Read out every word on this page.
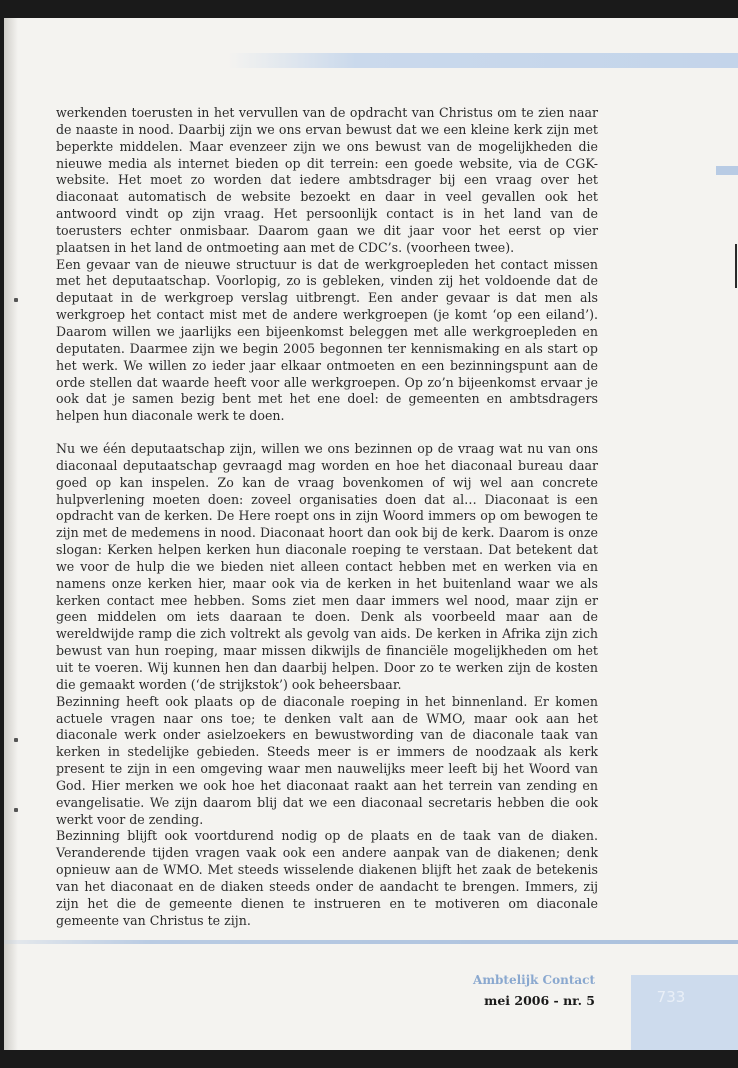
werkenden toerusten in het vervullen van de opdracht van Christus om te zien naar de naaste in nood. Daarbij zijn we ons ervan bewust dat we een kleine kerk zijn met beperkte middelen. Maar evenzeer zijn we ons bewust van de mogelijkheden die nieuwe media als internet bieden op dit terrein: een goede website, via de CGK-website. Het moet zo worden dat iedere ambtsdrager bij een vraag over het diaconaat automatisch de website bezoekt en daar in veel gevallen ook het antwoord vindt op zijn vraag. Het persoonlijk contact is in het land van de toerusters echter onmisbaar. Daarom gaan we dit jaar voor het eerst op vier plaatsen in het land de ontmoeting aan met de CDC’s. (voorheen twee).

Een gevaar van de nieuwe structuur is dat de werkgroepleden het contact missen met het deputaatschap. Voorlopig, zo is gebleken, vinden zij het voldoende dat de deputaat in de werkgroep verslag uitbrengt. Een ander gevaar is dat men als werkgroep het contact mist met de andere werkgroepen (je komt ‘op een eiland’). Daarom willen we jaarlijks een bijeenkomst beleggen met alle werkgroepleden en deputaten. Daarmee zijn we begin 2005 begonnen ter kennismaking en als start op het werk. We willen zo ieder jaar elkaar ontmoeten en een bezinningspunt aan de orde stellen dat waarde heeft voor alle werkgroepen. Op zo’n bijeenkomst ervaar je ook dat je samen bezig bent met het ene doel: de gemeenten en ambtsdragers helpen hun diaconale werk te doen.

Nu we één deputaatschap zijn, willen we ons bezinnen op de vraag wat nu van ons diaconaal deputaatschap gevraagd mag worden en hoe het diaconaal bureau daar goed op kan inspelen. Zo kan de vraag bovenkomen of wij wel aan concrete hulpverlening moeten doen: zoveel organisaties doen dat al… Diaconaat is een opdracht van de kerken. De Here roept ons in zijn Woord immers op om bewogen te zijn met de medemens in nood. Diaconaat hoort dan ook bij de kerk. Daarom is onze slogan: Kerken helpen kerken hun diaconale roeping te verstaan. Dat betekent dat we voor de hulp die we bieden niet alleen contact hebben met en werken via en namens onze kerken hier, maar ook via de kerken in het buitenland waar we als kerken contact mee hebben. Soms ziet men daar immers wel nood, maar zijn er geen middelen om iets daaraan te doen. Denk als voorbeeld maar aan de wereldwijde ramp die zich voltrekt als gevolg van aids. De kerken in Afrika zijn zich bewust van hun roeping, maar missen dikwijls de financiële mogelijkheden om het uit te voeren. Wij kunnen hen dan daarbij helpen. Door zo te werken zijn de kosten die gemaakt worden (‘de strijkstok’) ook beheersbaar.

Bezinning heeft ook plaats op de diaconale roeping in het binnenland. Er komen actuele vragen naar ons toe; te denken valt aan de WMO, maar ook aan het diaconale werk onder asielzoekers en bewustwording van de diaconale taak van kerken in stedelijke gebieden. Steeds meer is er immers de noodzaak als kerk present te zijn in een omgeving waar men nauwelijks meer leeft bij het Woord van God. Hier merken we ook hoe het diaconaat raakt aan het terrein van zending en evangelisatie. We zijn daarom blij dat we een diaconaal secretaris hebben die ook werkt voor de zending.

Bezinning blijft ook voortdurend nodig op de plaats en de taak van de diaken. Veranderende tijden vragen vaak ook een andere aanpak van de diakenen; denk opnieuw aan de WMO. Met steeds wisselende diakenen blijft het zaak de betekenis van het diaconaat en de diaken steeds onder de aandacht te brengen. Immers, zij zijn het die de gemeente dienen te instrueren en te motiveren om diaconale gemeente van Christus te zijn.

733
Ambtelijk Contact
mei 2006 - nr. 5
